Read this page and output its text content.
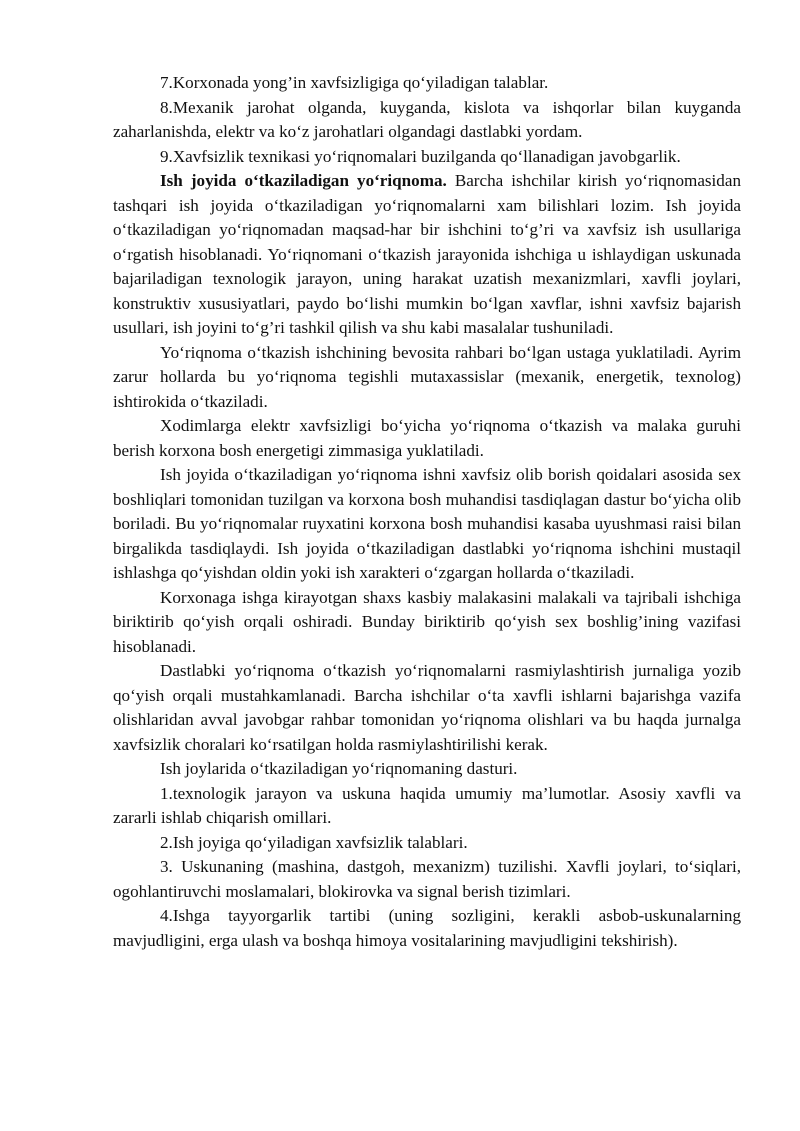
7.Korxonada yong’in xavfsizligiga qo‘yiladigan talablar.

8.Mexanik jarohat olganda, kuyganda, kislota va ishqorlar bilan kuyganda zaharlanishda, elektr va ko‘z jarohatlari olgandagi dastlabki yordam.

9.Xavfsizlik texnikasi yo‘riqnomalari buzilganda qo‘llanadigan javobgarlik.

Ish joyida o‘tkaziladigan yo‘riqnoma. Barcha ishchilar kirish yo‘riqnomasidan tashqari ish joyida o‘tkaziladigan yo‘riqnomalarni xam bilishlari lozim. Ish joyida o‘tkaziladigan yo‘riqnomadan maqsad-har bir ishchini to‘g’ri va xavfsiz ish usullariga o‘rgatish hisoblanadi. Yo‘riqnomani o‘tkazish jarayonida ishchiga u ishlaydigan uskunada bajariladigan texnologik jarayon, uning harakat uzatish mexanizmlari, xavfli joylari, konstruktiv xususiyatlari, paydo bo‘lishi mumkin bo‘lgan xavflar, ishni xavfsiz bajarish usullari, ish joyini to‘g’ri tashkil qilish va shu kabi masalalar tushuniladi.

Yo‘riqnoma o‘tkazish ishchining bevosita rahbari bo‘lgan ustaga yuklatiladi. Ayrim zarur hollarda bu yo‘riqnoma tegishli mutaxassislar (mexanik, energetik, texnolog) ishtirokida o‘tkaziladi.

Xodimlarga elektr xavfsizligi bo‘yicha yo‘riqnoma o‘tkazish va malaka guruhi berish korxona bosh energetigi zimmasiga yuklatiladi.

Ish joyida o‘tkaziladigan yo‘riqnoma ishni xavfsiz olib borish qoidalari asosida sex boshliqlari tomonidan tuzilgan va korxona bosh muhandisi tasdiqlagan dastur bo‘yicha olib boriladi. Bu yo‘riqnomalar ruyxatini korxona bosh muhandisi kasaba uyushmasi raisi bilan birgalikda tasdiqlaydi. Ish joyida o‘tkaziladigan dastlabki yo‘riqnoma ishchini mustaqil ishlashga qo‘yishdan oldin yoki ish xarakteri o‘zgargan hollarda o‘tkaziladi.

Korxonaga ishga kirayotgan shaxs kasbiy malakasini malakali va tajribali ishchiga biriktirib qo‘yish orqali oshiradi. Bunday biriktirib qo‘yish sex boshlig’ining vazifasi hisoblanadi.

Dastlabki yo‘riqnoma o‘tkazish yo‘riqnomalarni rasmiylashtirish jurnaliga yozib qo‘yish orqali mustahkamlanadi. Barcha ishchilar o‘ta xavfli ishlarni bajarishga vazifa olishlaridan avval javobgar rahbar tomonidan yo‘riqnoma olishlari va bu haqda jurnalga xavfsizlik choralari ko‘rsatilgan holda rasmiylashtirilishi kerak.

Ish joylarida o‘tkaziladigan yo‘riqnomaning dasturi.

1.texnologik jarayon va uskuna haqida umumiy ma’lumotlar. Asosiy xavfli va zararli ishlab chiqarish omillari.

2.Ish joyiga qo‘yiladigan xavfsizlik talablari.

3. Uskunaning (mashina, dastgoh, mexanizm) tuzilishi. Xavfli joylari, to‘siqlari, ogohlantiruvchi moslamalari, blokirovka va signal berish tizimlari.

4.Ishga tayyorgarlik tartibi (uning sozligini, kerakli asbob-uskunalarning mavjudligini, erga ulash va boshqa himoya vositalarining mavjudligini tekshirish).
